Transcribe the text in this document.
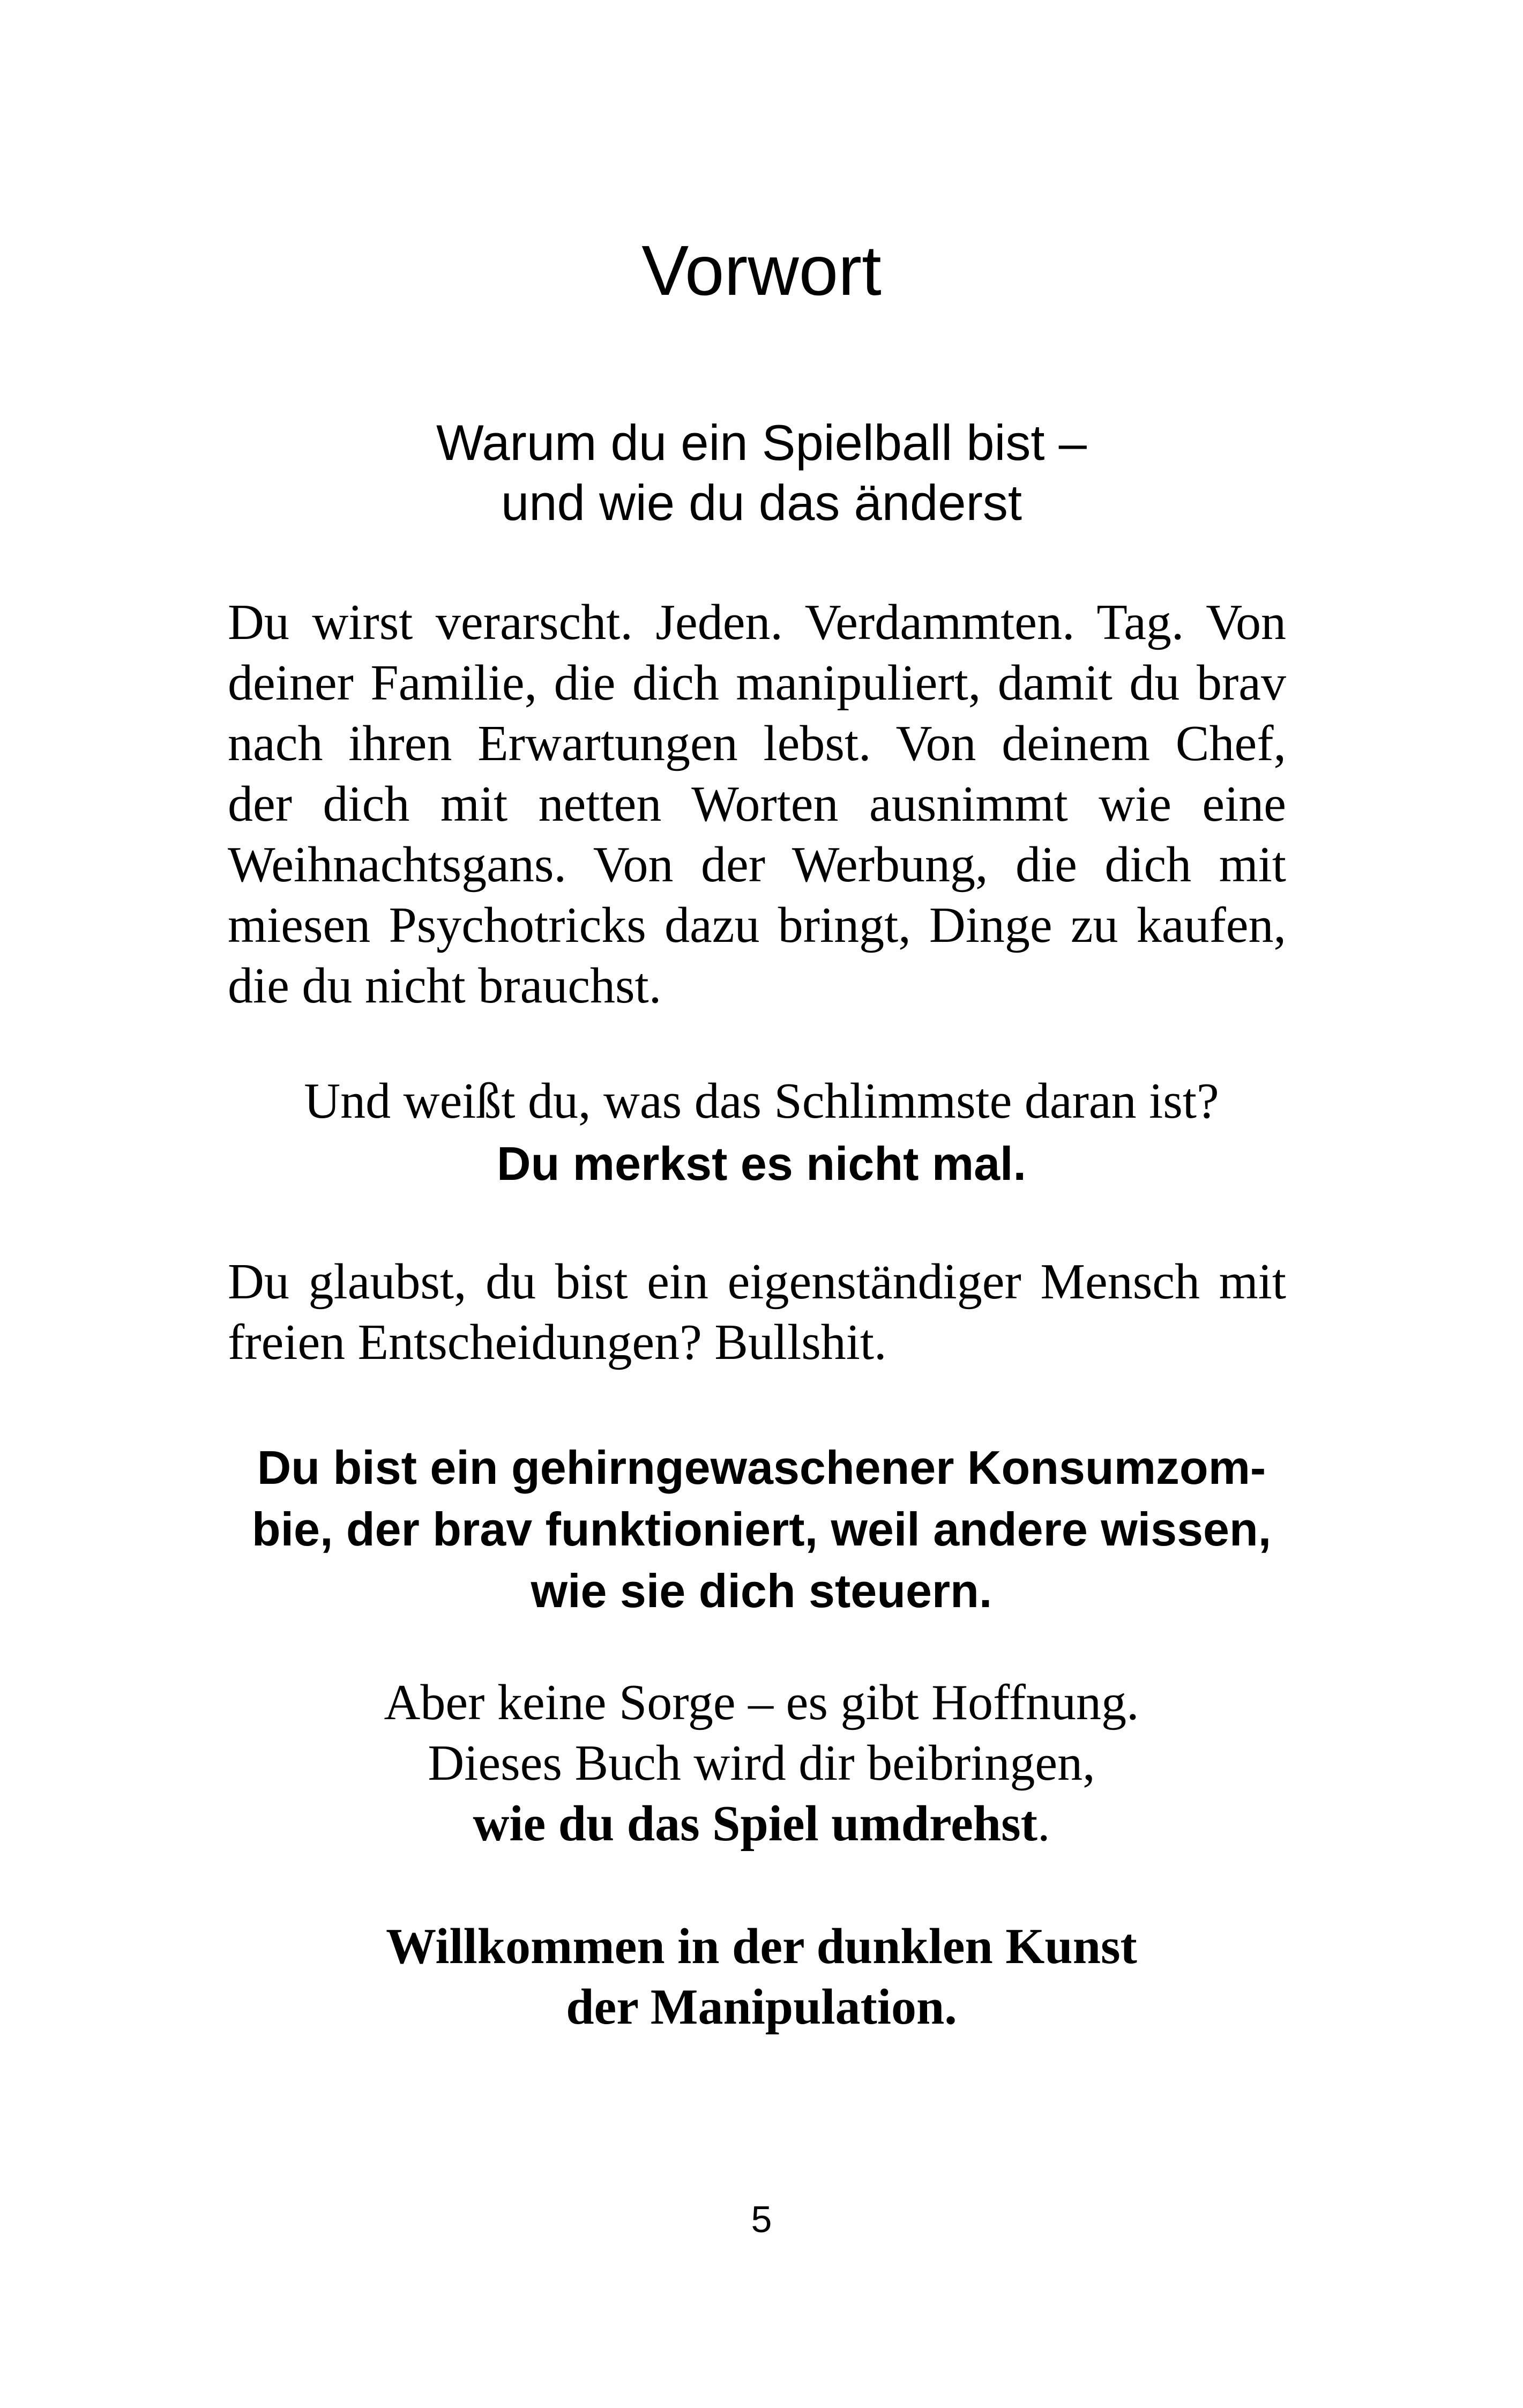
Vorwort
Warum du ein Spielball bist –
und wie du das änderst
Du wirst verarscht. Jeden. Verdammten. Tag. Von
deiner Familie, die dich manipuliert, damit du brav
nach ihren Erwartungen lebst. Von deinem Chef,
der dich mit netten Worten ausnimmt wie eine
Weihnachtsgans. Von der Werbung, die dich mit
miesen Psychotricks dazu bringt, Dinge zu kaufen,
die du nicht brauchst.
Und weißt du, was das Schlimmste daran ist?
Du merkst es nicht mal.
Du glaubst, du bist ein eigenständiger Mensch mit
freien Entscheidungen? Bullshit.
Du bist ein gehirngewaschener Konsumzom-
bie, der brav funktioniert, weil andere wissen,
wie sie dich steuern.
Aber keine Sorge – es gibt Hoffnung.
Dieses Buch wird dir beibringen,
wie du das Spiel umdrehst.
Willkommen in der dunklen Kunst
der Manipulation.
5
